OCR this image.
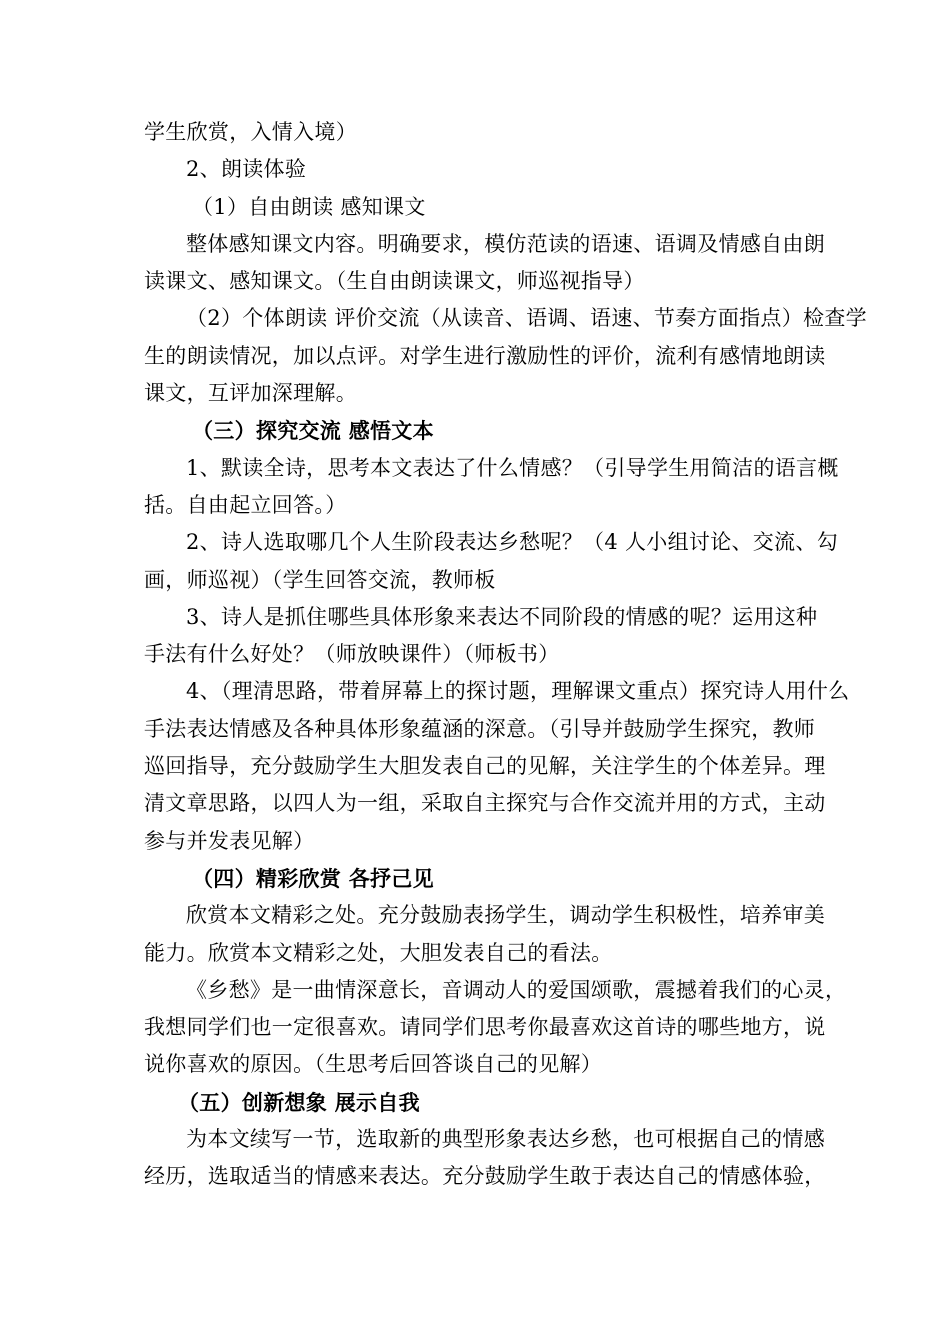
学生欣赏，入情入境）
2、朗读体验
（1）自由朗读 感知课文
整体感知课文内容。明确要求，模仿范读的语速、语调及情感自由朗
读课文、感知课文。（生自由朗读课文，师巡视指导）
（2）个体朗读 评价交流（从读音、语调、语速、节奏方面指点）检查学
生的朗读情况，加以点评。对学生进行激励性的评价，流利有感情地朗读
课文，互评加深理解。
（三）探究交流 感悟文本
1、默读全诗，思考本文表达了什么情感？（引导学生用简洁的语言概
括。自由起立回答。）
2、诗人选取哪几个人生阶段表达乡愁呢？（4 人小组讨论、交流、勾
画，师巡视）（学生回答交流，教师板
3、诗人是抓住哪些具体形象来表达不同阶段的情感的呢？运用这种
手法有什么好处？（师放映课件）（师板书）
4、（理清思路，带着屏幕上的探讨题，理解课文重点）探究诗人用什么
手法表达情感及各种具体形象蕴涵的深意。（引导并鼓励学生探究，教师
巡回指导，充分鼓励学生大胆发表自己的见解，关注学生的个体差异。理
清文章思路，以四人为一组，采取自主探究与合作交流并用的方式，主动
参与并发表见解）
（四）精彩欣赏 各抒己见
欣赏本文精彩之处。充分鼓励表扬学生，调动学生积极性，培养审美
能力。欣赏本文精彩之处，大胆发表自己的看法。
《乡愁》是一曲情深意长，音调动人的爱国颂歌，震撼着我们的心灵，
我想同学们也一定很喜欢。请同学们思考你最喜欢这首诗的哪些地方，说
说你喜欢的原因。（生思考后回答谈自己的见解）
（五）创新想象 展示自我
为本文续写一节，选取新的典型形象表达乡愁，也可根据自己的情感
经历，选取适当的情感来表达。充分鼓励学生敢于表达自己的情感体验，
